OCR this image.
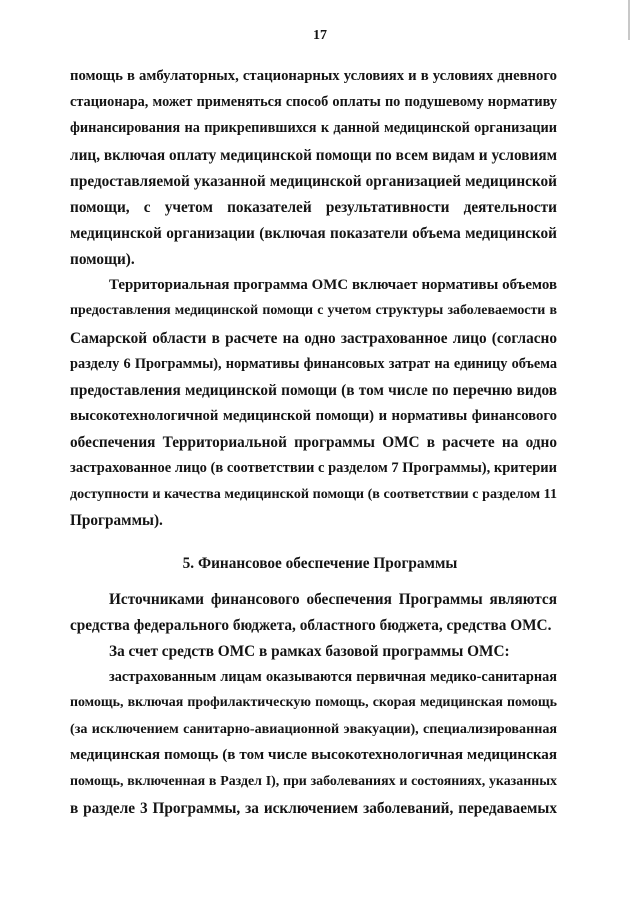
17
помощь в амбулаторных, стационарных условиях и в условиях дневного
стационара, может применяться способ оплаты по подушевому нормативу
финансирования на прикрепившихся к данной медицинской организации
лиц, включая оплату медицинской помощи по всем видам и условиям
предоставляемой указанной медицинской организацией медицинской
помощи, с учетом показателей результативности деятельности
медицинской организации (включая показатели объема медицинской
помощи).
Территориальная программа ОМС включает нормативы объемов
предоставления медицинской помощи с учетом структуры заболеваемости в
Самарской области в расчете на одно застрахованное лицо (согласно
разделу 6 Программы), нормативы финансовых затрат на единицу объема
предоставления медицинской помощи (в том числе по перечню видов
высокотехнологичной медицинской помощи) и нормативы финансового
обеспечения Территориальной программы ОМС в расчете на одно
застрахованное лицо (в соответствии с разделом 7 Программы), критерии
доступности и качества медицинской помощи (в соответствии с разделом 11
Программы).
5. Финансовое обеспечение Программы
Источниками финансового обеспечения Программы являются
средства федерального бюджета, областного бюджета, средства ОМС.
За счет средств ОМС в рамках базовой программы ОМС:
застрахованным лицам оказываются первичная медико-санитарная
помощь, включая профилактическую помощь, скорая медицинская помощь
(за исключением санитарно-авиационной эвакуации), специализированная
медицинская помощь (в том числе высокотехнологичная медицинская
помощь, включенная в Раздел I), при заболеваниях и состояниях, указанных
в разделе 3 Программы, за исключением заболеваний, передаваемых
